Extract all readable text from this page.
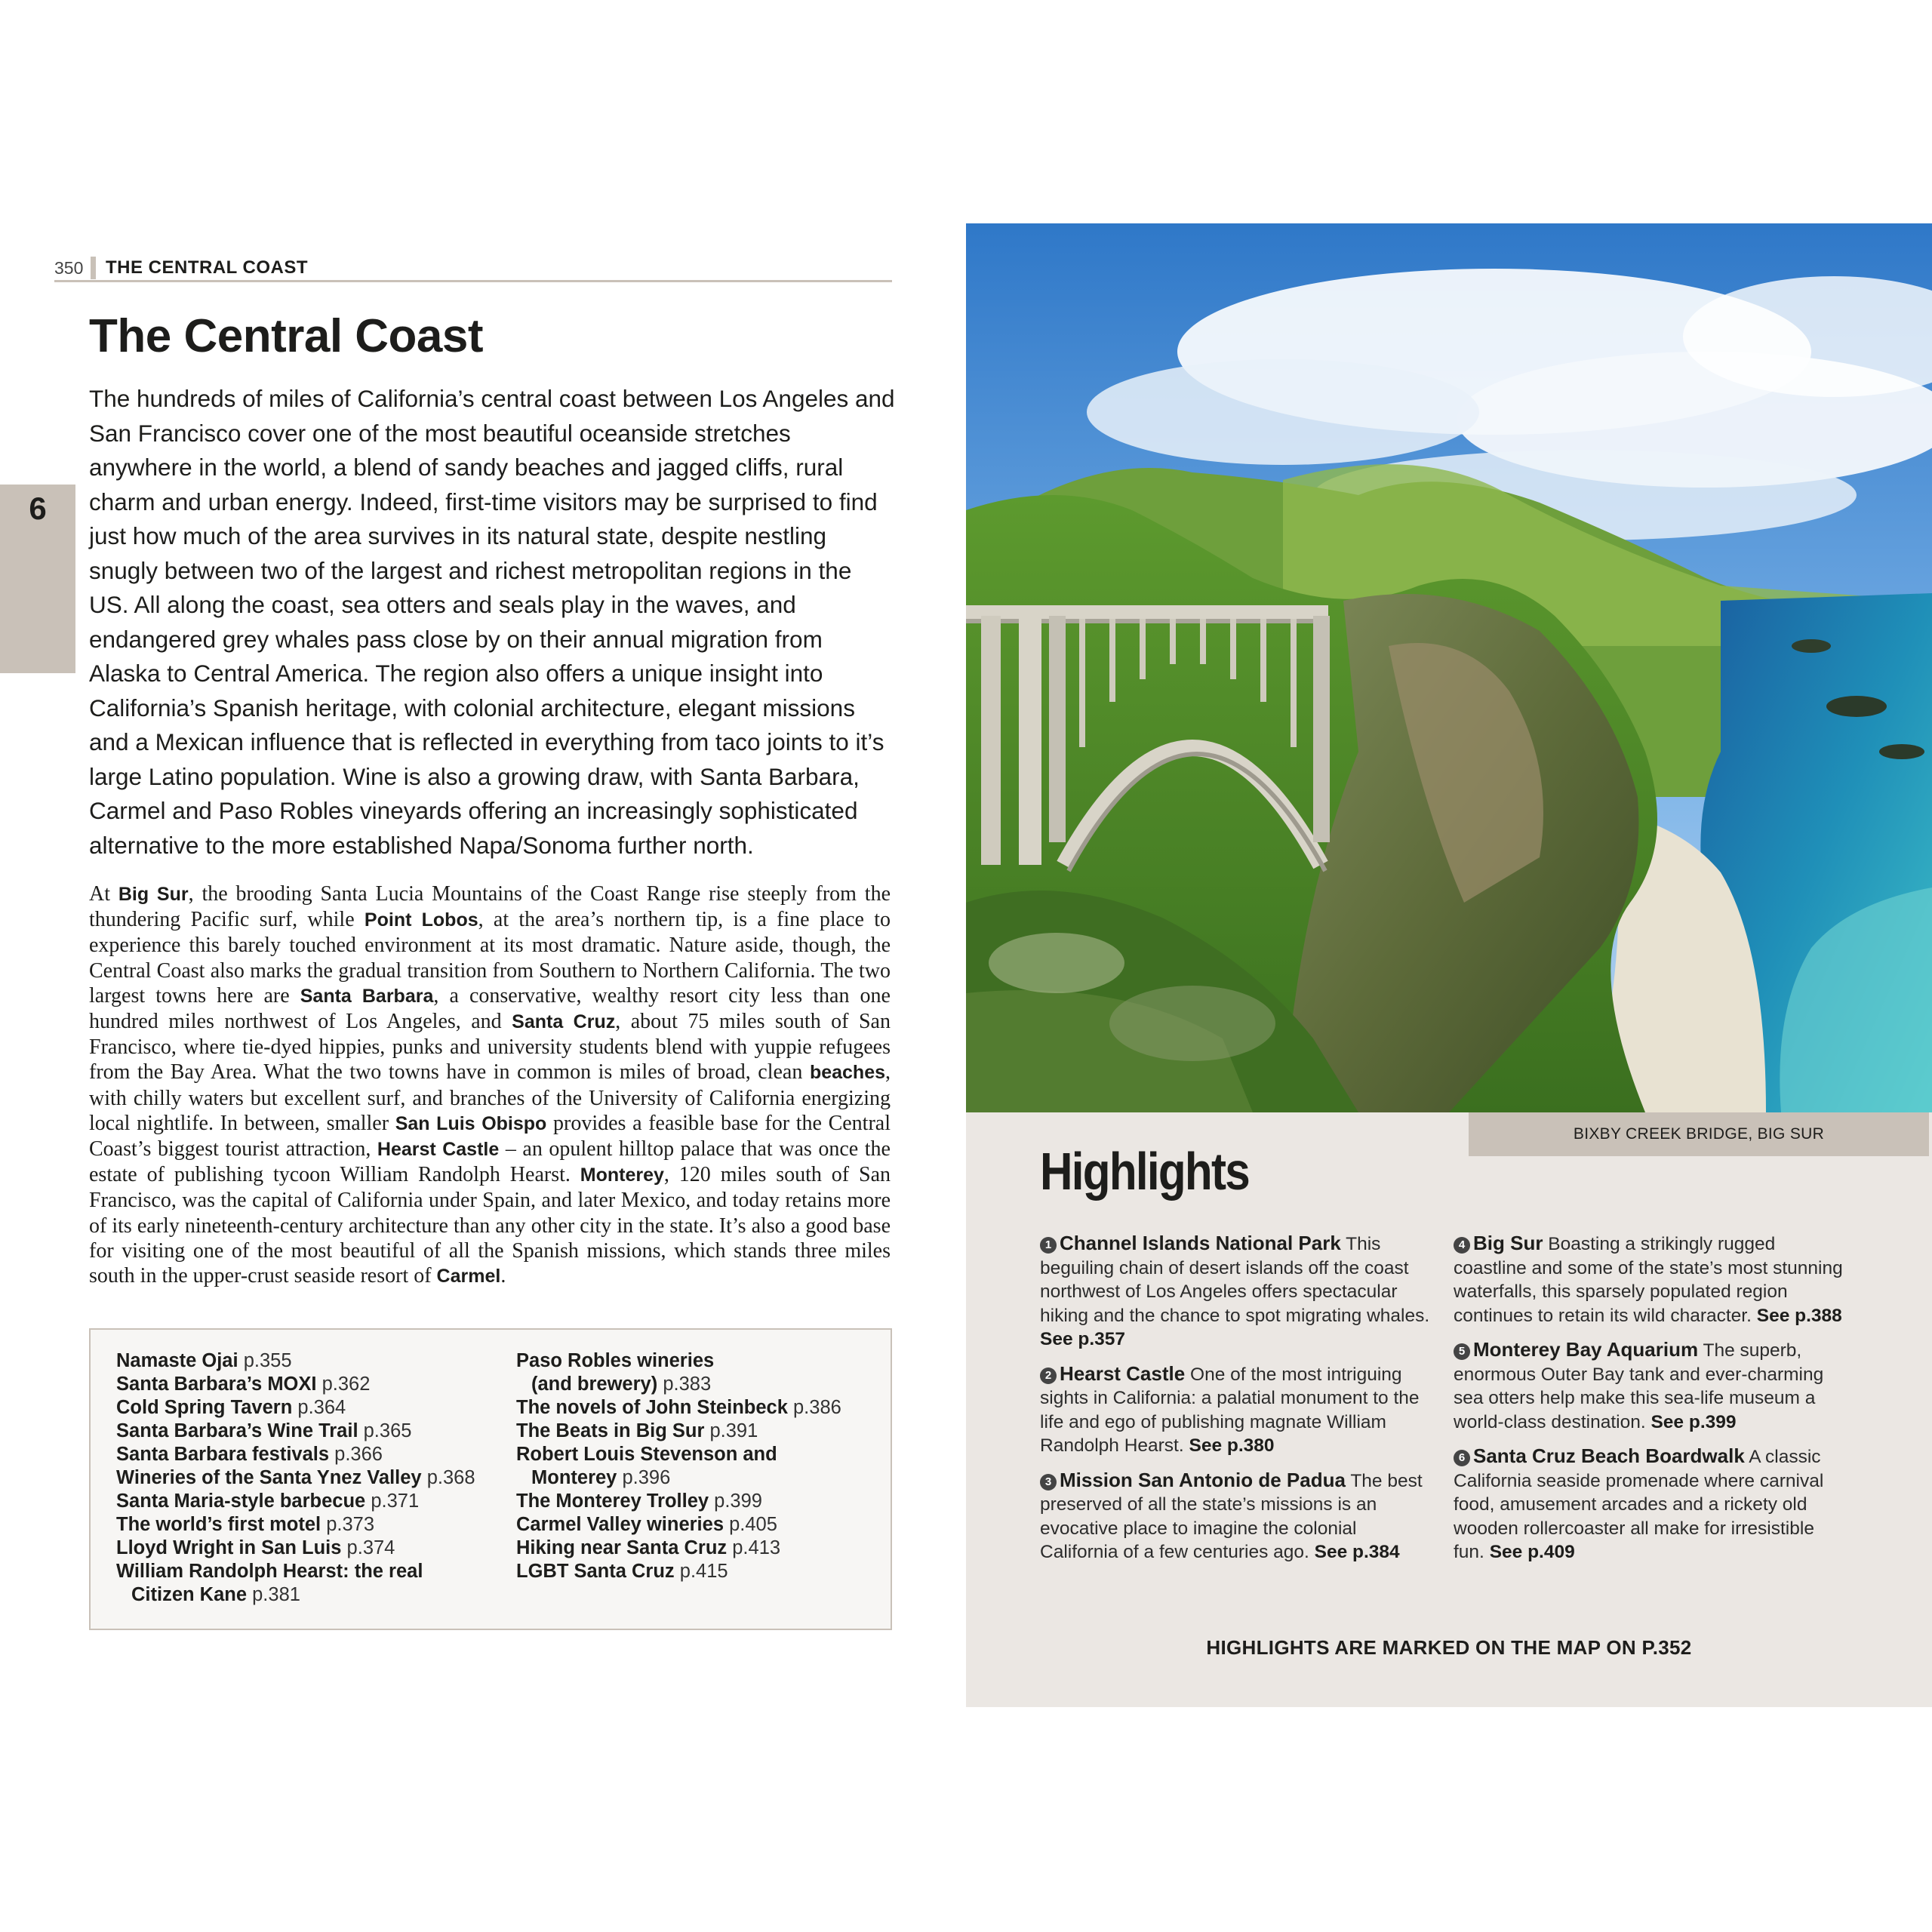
350 THE CENTRAL COAST
6
The Central Coast

The hundreds of miles of California’s central coast between Los Angeles and San Francisco cover one of the most beautiful oceanside stretches anywhere in the world, a blend of sandy beaches and jagged cliffs, rural charm and urban energy. Indeed, first-time visitors may be surprised to find just how much of the area survives in its natural state, despite nestling snugly between two of the largest and richest metropolitan regions in the US. All along the coast, sea otters and seals play in the waves, and endangered grey whales pass close by on their annual migration from Alaska to Central America. The region also offers a unique insight into California’s Spanish heritage, with colonial architecture, elegant missions and a Mexican influence that is reflected in everything from taco joints to it’s large Latino population. Wine is also a growing draw, with Santa Barbara, Carmel and Paso Robles vineyards offering an increasingly sophisticated alternative to the more established Napa/Sonoma further north.

At Big Sur, the brooding Santa Lucia Mountains of the Coast Range rise steeply from the thundering Pacific surf, while Point Lobos, at the area’s northern tip, is a fine place to experience this barely touched environment at its most dramatic. Nature aside, though, the Central Coast also marks the gradual transition from Southern to Northern California. The two largest towns here are Santa Barbara, a conservative, wealthy resort city less than one hundred miles northwest of Los Angeles, and Santa Cruz, about 75 miles south of San Francisco, where tie-dyed hippies, punks and university students blend with yuppie refugees from the Bay Area. What the two towns have in common is miles of broad, clean beaches, with chilly waters but excellent surf, and branches of the University of California energizing local nightlife. In between, smaller San Luis Obispo provides a feasible base for the Central Coast’s biggest tourist attraction, Hearst Castle – an opulent hilltop palace that was once the estate of publishing tycoon William Randolph Hearst. Monterey, 120 miles south of San Francisco, was the capital of California under Spain, and later Mexico, and today retains more of its early nineteenth-century architecture than any other city in the state. It’s also a good base for visiting one of the most beautiful of all the Spanish missions, which stands three miles south in the upper-crust seaside resort of Carmel.

Namaste Ojai p.355
Santa Barbara’s MOXI p.362
Cold Spring Tavern p.364
Santa Barbara’s Wine Trail p.365
Santa Barbara festivals p.366
Wineries of the Santa Ynez Valley p.368
Santa Maria-style barbecue p.371
The world’s first motel p.373
Lloyd Wright in San Luis p.374
William Randolph Hearst: the real
Citizen Kane p.381
Paso Robles wineries
(and brewery) p.383
The novels of John Steinbeck p.386
The Beats in Big Sur p.391
Robert Louis Stevenson and
Monterey p.396
The Monterey Trolley p.399
Carmel Valley wineries p.405
Hiking near Santa Cruz p.413
LGBT Santa Cruz p.415
BIXBY CREEK BRIDGE, BIG SUR
Highlights

1 Channel Islands National Park This beguiling chain of desert islands off the coast northwest of Los Angeles offers spectacular hiking and the chance to spot migrating whales. See p.357

2 Hearst Castle One of the most intriguing sights in California: a palatial monument to the life and ego of publishing magnate William Randolph Hearst. See p.380

3 Mission San Antonio de Padua The best preserved of all the state’s missions is an evocative place to imagine the colonial California of a few centuries ago. See p.384

4 Big Sur Boasting a strikingly rugged coastline and some of the state’s most stunning waterfalls, this sparsely populated region continues to retain its wild character. See p.388

5 Monterey Bay Aquarium The superb, enormous Outer Bay tank and ever-charming sea otters help make this sea-life museum a world-class destination. See p.399

6 Santa Cruz Beach Boardwalk A classic California seaside promenade where carnival food, amusement arcades and a rickety old wooden rollercoaster all make for irresistible fun. See p.409

HIGHLIGHTS ARE MARKED ON THE MAP ON P.352
